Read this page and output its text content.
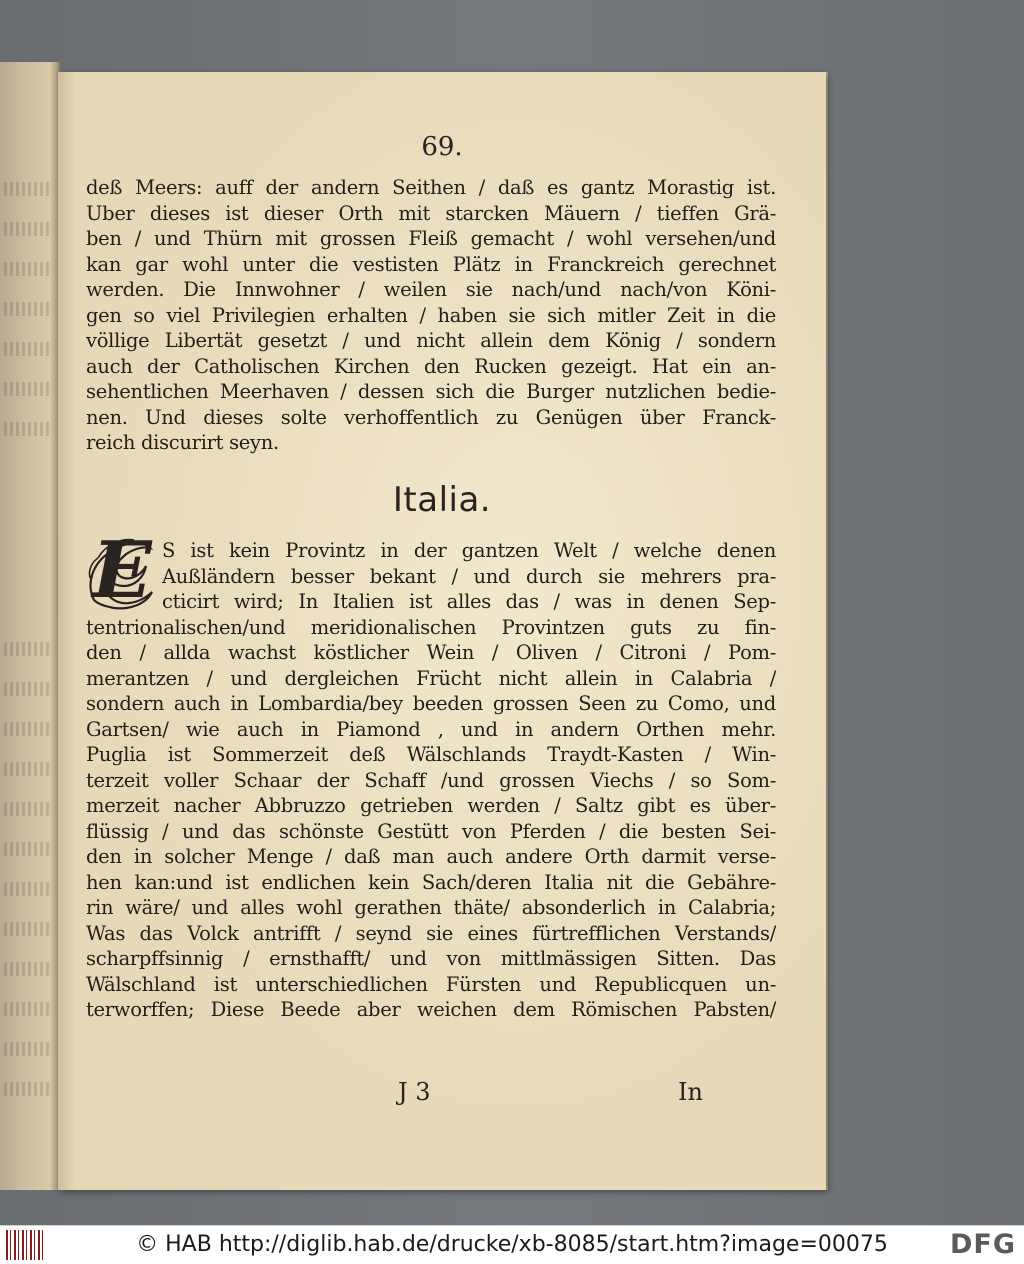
69.
deß Meers: auff der andern Seithen / daß es gantz Morastig ist.
Uber dieses ist dieser Orth mit starcken Mäuern / tieffen Grä-
ben / und Thürn mit grossen Fleiß gemacht / wohl versehen/und
kan gar wohl unter die vestisten Plätz in Franckreich gerechnet
werden. Die Innwohner / weilen sie nach/und nach/von Köni-
gen so viel Privilegien erhalten / haben sie sich mitler Zeit in die
völlige Libertät gesetzt / und nicht allein dem König / sondern
auch der Catholischen Kirchen den Rucken gezeigt. Hat ein an-
sehentlichen Meerhaven / dessen sich die Burger nutzlichen bedie-
nen. Und dieses solte verhoffentlich zu Genügen über Franck-
reich discurirt seyn.
Italia.
E S ist kein Provintz in der gantzen Welt / welche denen
Außländern besser bekant / und durch sie mehrers pra-
cticirt wird; In Italien ist alles das / was in denen Sep-
tentrionalischen/und meridionalischen Provintzen guts zu fin-
den / allda wachst köstlicher Wein / Oliven / Citroni / Pom-
merantzen / und dergleichen Frücht nicht allein in Calabria /
sondern auch in Lombardia/bey beeden grossen Seen zu Como, und
Gartsen/ wie auch in Piamond , und in andern Orthen mehr.
Puglia ist Sommerzeit deß Wälschlands Traydt-Kasten / Win-
terzeit voller Schaar der Schaff /und grossen Viechs / so Som-
merzeit nacher Abbruzzo getrieben werden / Saltz gibt es über-
flüssig / und das schönste Gestütt von Pferden / die besten Sei-
den in solcher Menge / daß man auch andere Orth darmit verse-
hen kan:und ist endlichen kein Sach/deren Italia nit die Gebähre-
rin wäre/ und alles wohl gerathen thäte/ absonderlich in Calabria;
Was das Volck antrifft / seynd sie eines fürtrefflichen Verstands/
scharpffsinnig / ernsthafft/ und von mittlmässigen Sitten. Das
Wälschland ist unterschiedlichen Fürsten und Republicquen un-
terworffen; Diese Beede aber weichen dem Römischen Pabsten/
J 3	In
© HAB http://diglib.hab.de/drucke/xb-8085/start.htm?image=00075	DFG
